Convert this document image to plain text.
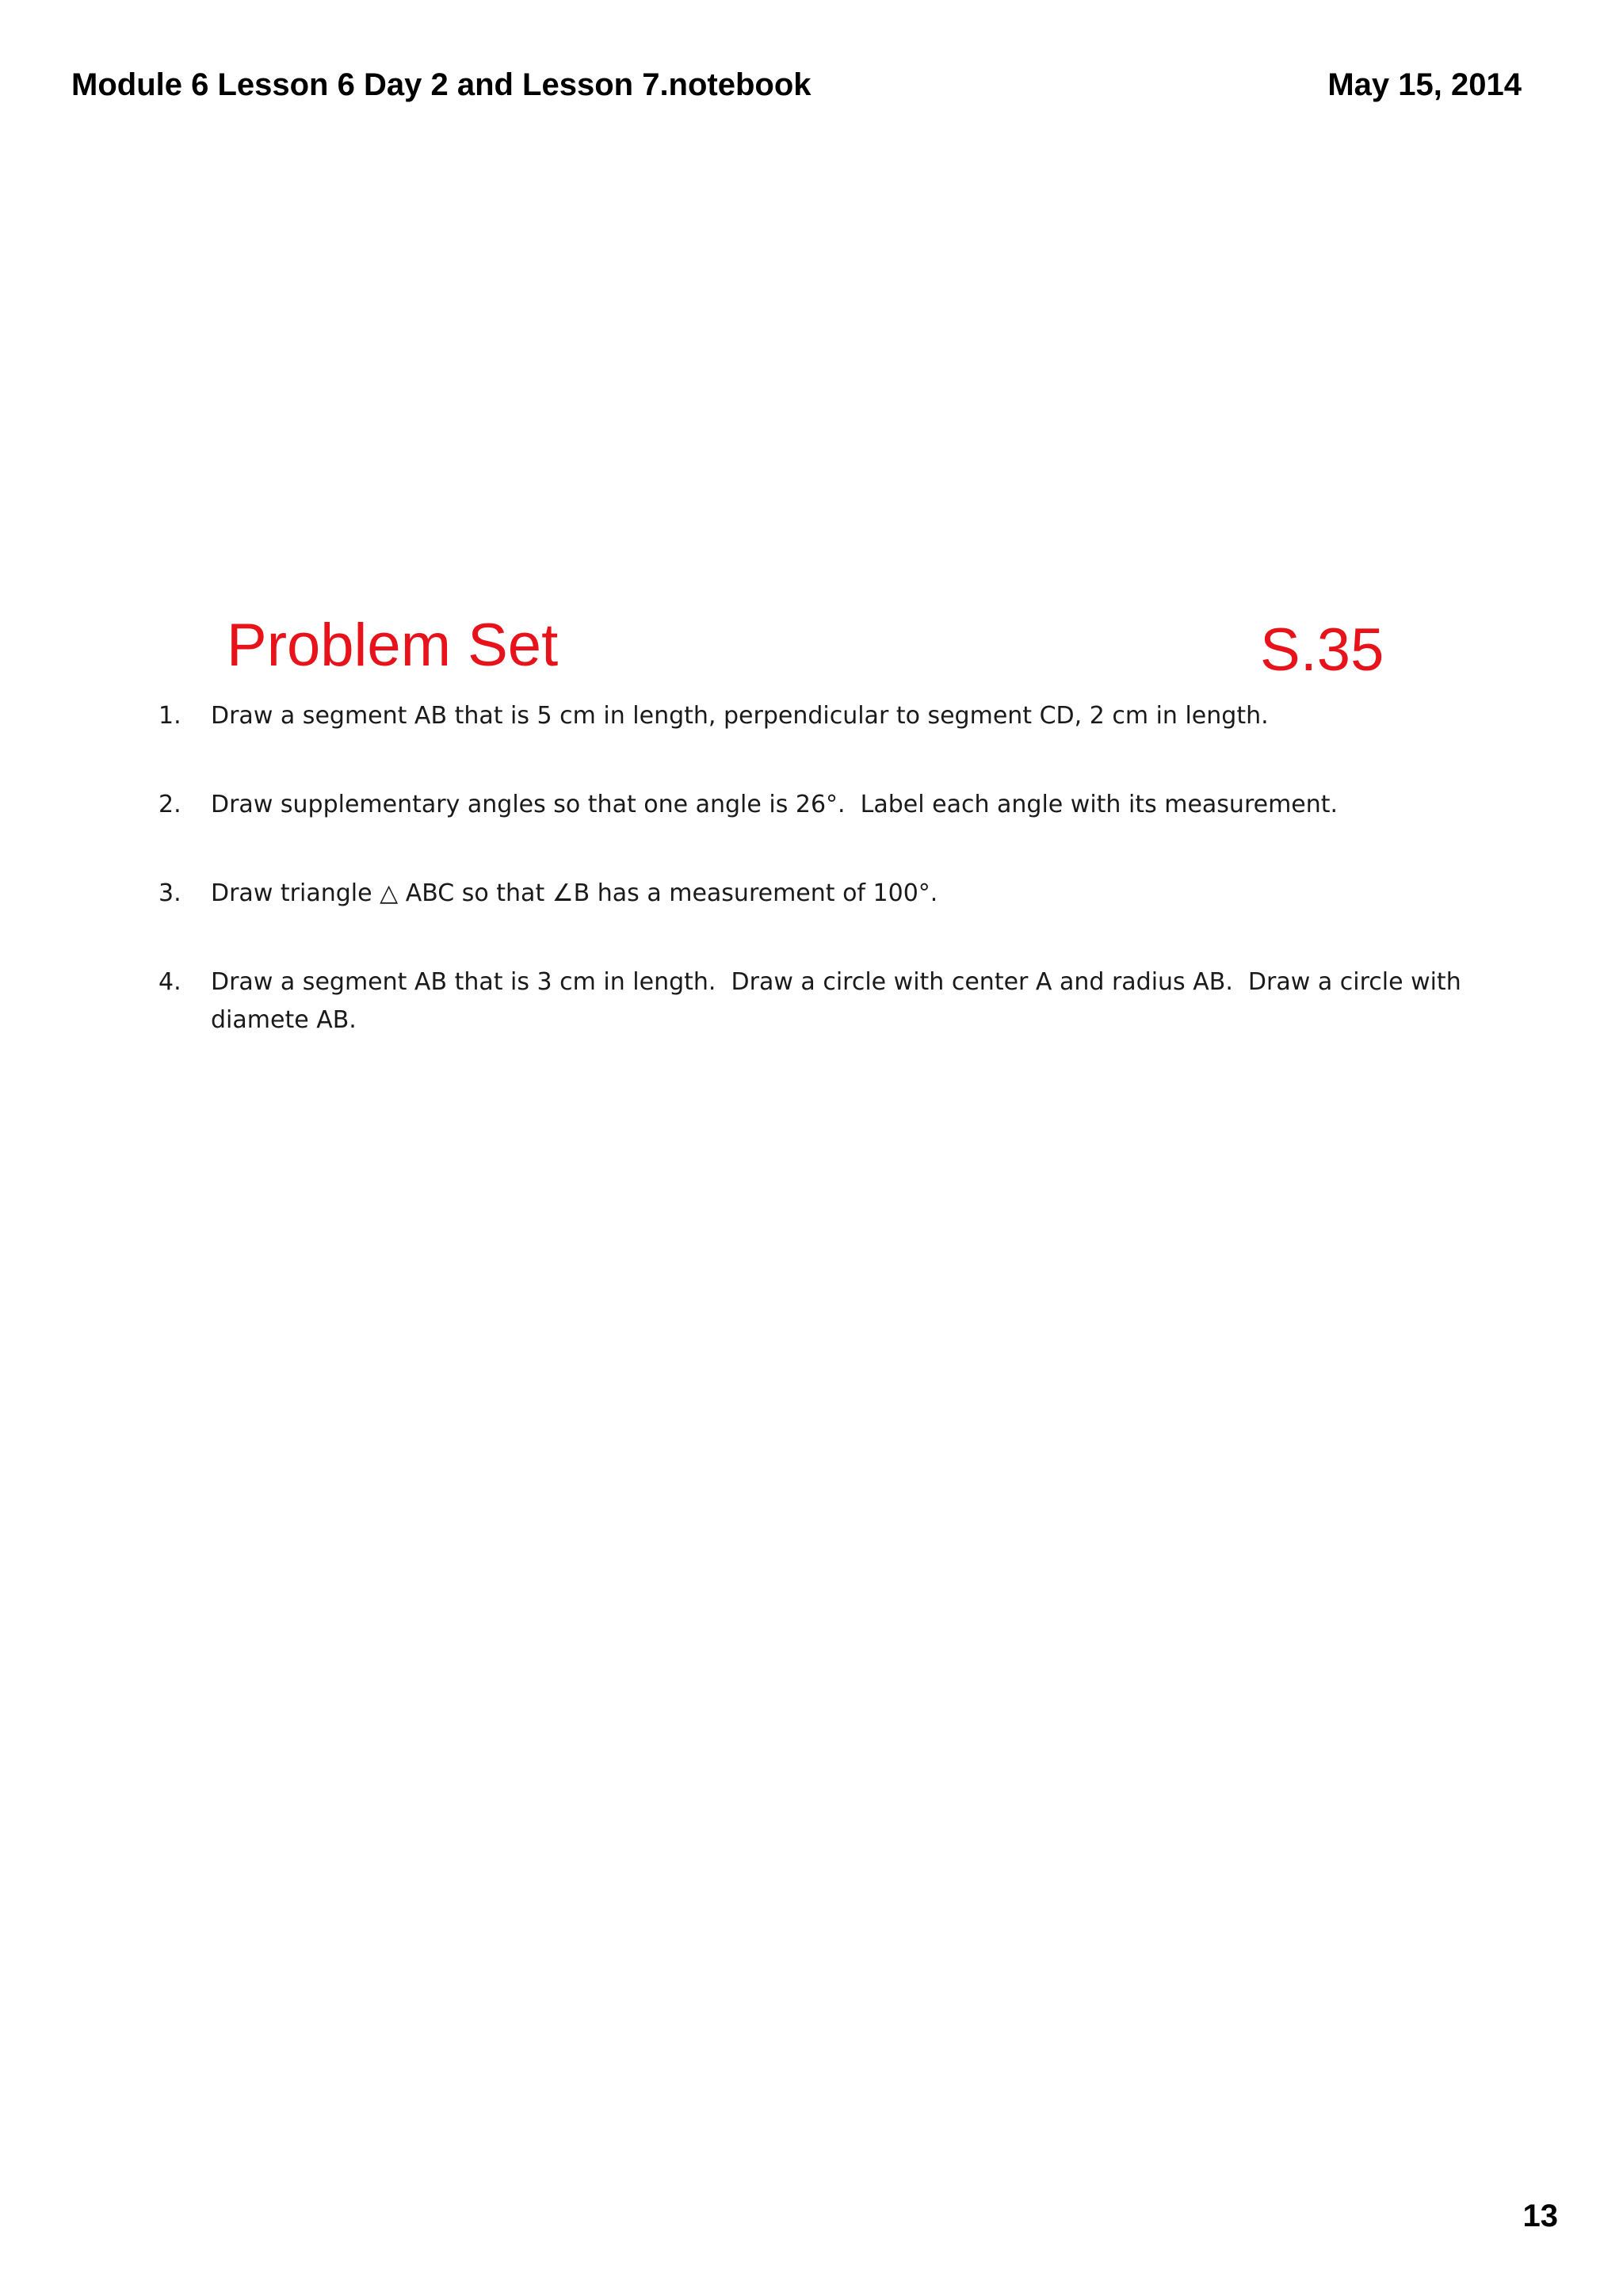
Module 6 Lesson 6 Day 2 and Lesson 7.notebook	May 15, 2014
Problem Set	S.35
1. Draw a segment AB that is 5 cm in length, perpendicular to segment CD, 2 cm in length.
2. Draw supplementary angles so that one angle is 26°.  Label each angle with its measurement.
3. Draw triangle △ ABC so that ∠B has a measurement of 100°.
4. Draw a segment AB that is 3 cm in length.  Draw a circle with center A and radius AB.  Draw a circle with diamete AB.
13
